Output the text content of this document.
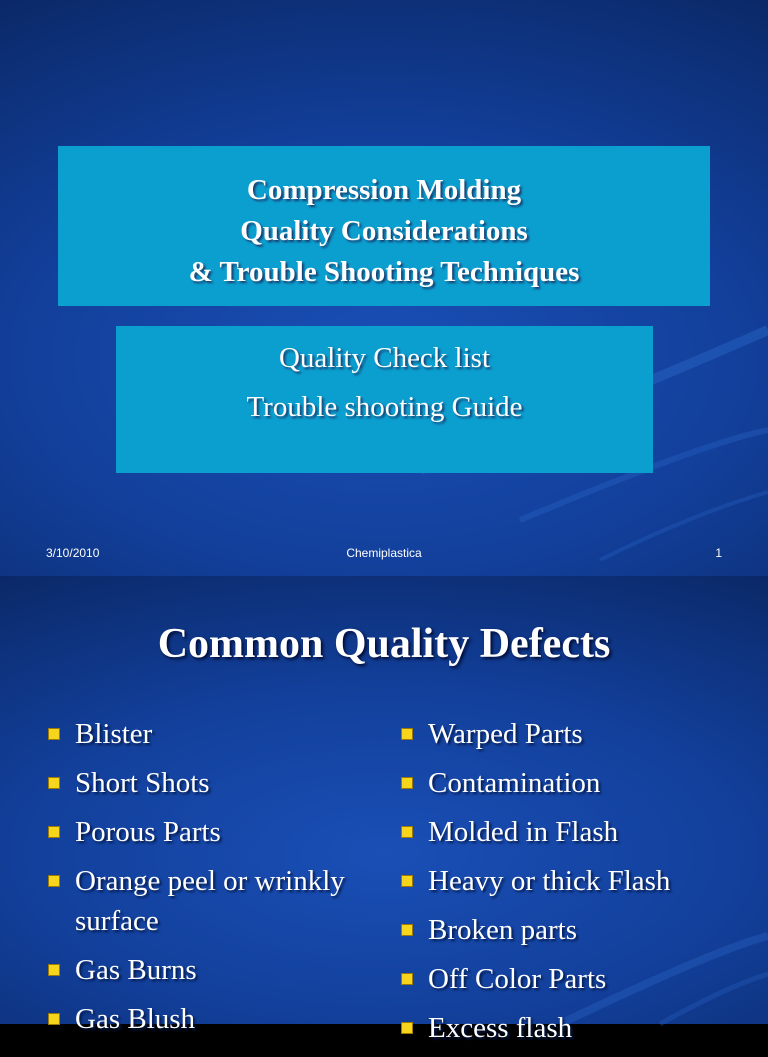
Compression Molding
Quality Considerations
& Trouble Shooting Techniques
Quality Check list
Trouble shooting Guide
3/10/2010	Chemiplastica	1
Common Quality Defects
Blister
Short Shots
Porous Parts
Orange peel or wrinkly surface
Gas Burns
Gas Blush
Warped Parts
Contamination
Molded in Flash
Heavy or thick Flash
Broken parts
Off Color Parts
Excess flash
